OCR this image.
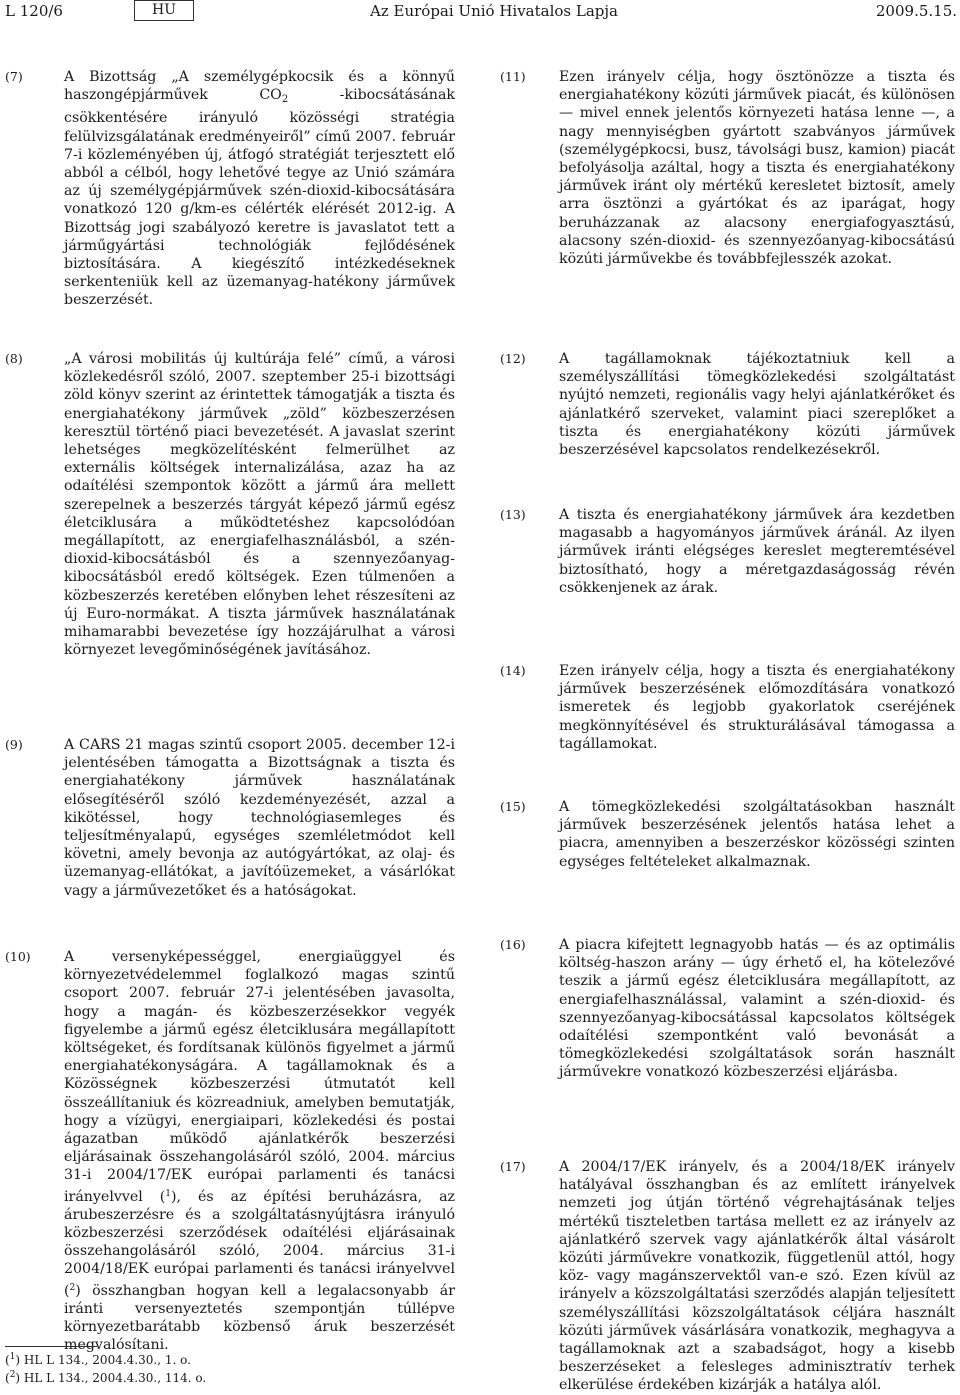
L 120/6	HU	Az Európai Unió Hivatalos Lapja	2009.5.15.
(7)	A Bizottság „A személygépkocsik és a könnyű haszongépjárművek $CO_2$ -kibocsátásának csökkentésére irányuló közösségi stratégia felülvizsgálatának eredményeiről” című 2007. február 7-i közleményében új, átfogó stratégiát terjesztett elő abból a célból, hogy lehetővé tegye az Unió számára az új személygépjárművek szén-dioxid-kibocsátására vonatkozó 120 g/km-es célérték elérését 2012-ig. A Bizottság jogi szabályozó keretre is javaslatot tett a járműgyártási technológiák fejlődésének biztosítására. A kiegészítő intézkedéseknek serkenteniük kell az üzemanyag-hatékony járművek beszerzését.
(8)	„A városi mobilitás új kultúrája felé” című, a városi közlekedésről szóló, 2007. szeptember 25-i bizottsági zöld könyv szerint az érintettek támogatják a tiszta és energiahatékony járművek „zöld” közbeszerzésen keresztül történő piaci bevezetését. A javaslat szerint lehetséges megközelítésként felmerülhet az externális költségek internalizálása, azaz ha az odaítélési szempontok között a jármű ára mellett szerepelnek a beszerzés tárgyát képező jármű egész életciklusára a működtetéshez kapcsolódóan megállapított, az energiafelhasználásból, a szén-dioxid-kibocsátásból és a szennyezőanyag-kibocsátásból eredő költségek. Ezen túlmenően a közbeszerzés keretében előnyben lehet részesíteni az új Euro-normákat. A tiszta járművek használatának mihamarabbi bevezetése így hozzájárulhat a városi környezet levegőminőségének javításához.
(9)	A CARS 21 magas szintű csoport 2005. december 12-i jelentésében támogatta a Bizottságnak a tiszta és energiahatékony járművek használatának elősegítéséről szóló kezdeményezését, azzal a kikötéssel, hogy technológiasemleges és teljesítményalapú, egységes szemléletmódot kell követni, amely bevonja az autógyártókat, az olaj- és üzemanyag-ellátókat, a javítóüzemeket, a vásárlókat vagy a járművezetőket és a hatóságokat.
(10) A versenyképességgel, energiaüggyel és környezetvédelemmel foglalkozó magas szintű csoport 2007. február 27-i jelentésében javasolta, hogy a magán- és közbeszerzésekkor vegyék figyelembe a jármű egész életciklusára megállapított költségeket, és fordítsanak különös figyelmet a jármű energiahatékonyságára. A tagállamoknak és a Közösségnek közbeszerzési útmutatót kell összeállítaniuk és közreadniuk, amelyben bemutatják, hogy a vízügyi, energiaipari, közlekedési és postai ágazatban működő ajánlatkérők beszerzési eljárásainak összehangolásáról szóló, 2004. március 31-i 2004/17/EK európai parlamenti és tanácsi irányelvvel ($^1$), és az építési beruházásra, az árubeszerzésre és a szolgáltatásnyújtásra irányuló közbeszerzési szerződések odaítélési eljárásainak összehangolásáról szóló, 2004. március 31-i 2004/18/EK európai parlamenti és tanácsi irányelvvel ($^2$) összhangban hogyan kell a legalacsonyabb ár iránti versenyeztetés szempontján túllépve környezetbarátabb közbenső áruk beszerzését megvalósítani.
(11) Ezen irányelv célja, hogy ösztönözze a tiszta és energiahatékony közúti járművek piacát, és különösen — mivel ennek jelentős környezeti hatása lenne —, a nagy mennyiségben gyártott szabványos járművek (személygépkocsi, busz, távolsági busz, kamion) piacát befolyásolja azáltal, hogy a tiszta és energiahatékony járművek iránt oly mértékű keresletet biztosít, amely arra ösztönzi a gyártókat és az iparágat, hogy beruházzanak az alacsony energiafogyasztású, alacsony szén-dioxid- és szennyezőanyag-kibocsátású közúti járművekbe és továbbfejlesszék azokat.
(12) A tagállamoknak tájékoztatniuk kell a személyszállítási tömegközlekedési szolgáltatást nyújtó nemzeti, regionális vagy helyi ajánlatkérőket és ajánlatkérő szerveket, valamint piaci szereplőket a tiszta és energiahatékony közúti járművek beszerzésével kapcsolatos rendelkezésekről.
(13) A tiszta és energiahatékony járművek ára kezdetben magasabb a hagyományos járművek áránál. Az ilyen járművek iránti elégséges kereslet megteremtésével biztosítható, hogy a méretgazdaságosság révén csökkenjenek az árak.
(14) Ezen irányelv célja, hogy a tiszta és energiahatékony járművek beszerzésének előmozdítására vonatkozó ismeretek és legjobb gyakorlatok cseréjének megkönnyítésével és strukturálásával támogassa a tagállamokat.
(15) A tömegközlekedési szolgáltatásokban használt járművek beszerzésének jelentős hatása lehet a piacra, amennyiben a beszerzéskor közösségi szinten egységes feltételeket alkalmaznak.
(16) A piacra kifejtett legnagyobb hatás — és az optimális költség-haszon arány — úgy érhető el, ha kötelezővé teszik a jármű egész életciklusára megállapított, az energiafelhasználással, valamint a szén-dioxid- és szennyezőanyag-kibocsátással kapcsolatos költségek odaítélési szempontként való bevonását a tömegközlekedési szolgáltatások során használt járművekre vonatkozó közbeszerzési eljárásba.
(17) A 2004/17/EK irányelv, és a 2004/18/EK irányelv hatályával összhangban és az említett irányelvek nemzeti jog útján történő végrehajtásának teljes mértékű tiszteletben tartása mellett ez az irányelv az ajánlatkérő szervek vagy ajánlatkérők által vásárolt közúti járművekre vonatkozik, függetlenül attól, hogy köz- vagy magánszervektől van-e szó. Ezen kívül az irányelv a közszolgáltatási szerződés alapján teljesített személyszállítási közszolgáltatások céljára használt közúti járművek vásárlására vonatkozik, meghagyva a tagállamoknak azt a szabadságot, hogy a kisebb beszerzéseket a felesleges adminisztratív terhek elkerülése érdekében kizárják a hatálya alól.
($^1$) HL L 134., 2004.4.30., 1. o.
($^2$) HL L 134., 2004.4.30., 114. o.
